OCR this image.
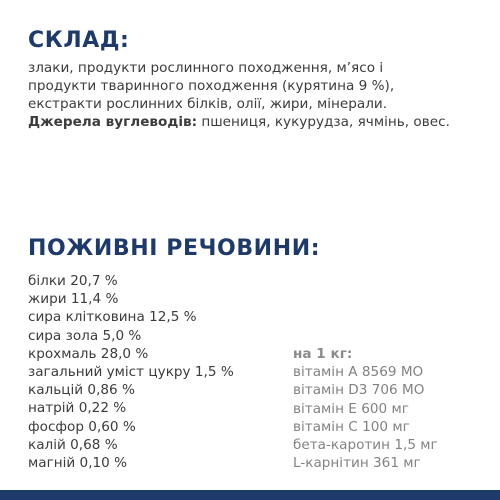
СКЛАД:

злаки, продукти рослинного походження, м’ясо і

продукти тваринного походження (курятина 9 %),

екстракти рослинних білків, олії, жири, мінерали.

Джерела вуглеводів: пшениця, кукурудза, ячмінь, овес.

ПОЖИВНІ РЕЧОВИНИ:
білки 20,7 %
жири 11,4 %
сира клітковина 12,5 %
сира зола 5,0 %
крохмаль 28,0 %
загальний уміст цукру 1,5 %
кальцій 0,86 %
натрій 0,22 %
фосфор 0,60 %
калій 0,68 %
магній 0,10 %
на 1 кг:
вітамін А 8569 МО
вітамін D3 706 МО
вітамін Е 600 мг
вітамін С 100 мг
бета-каротин 1,5 мг
L-карнітин 361 мг
